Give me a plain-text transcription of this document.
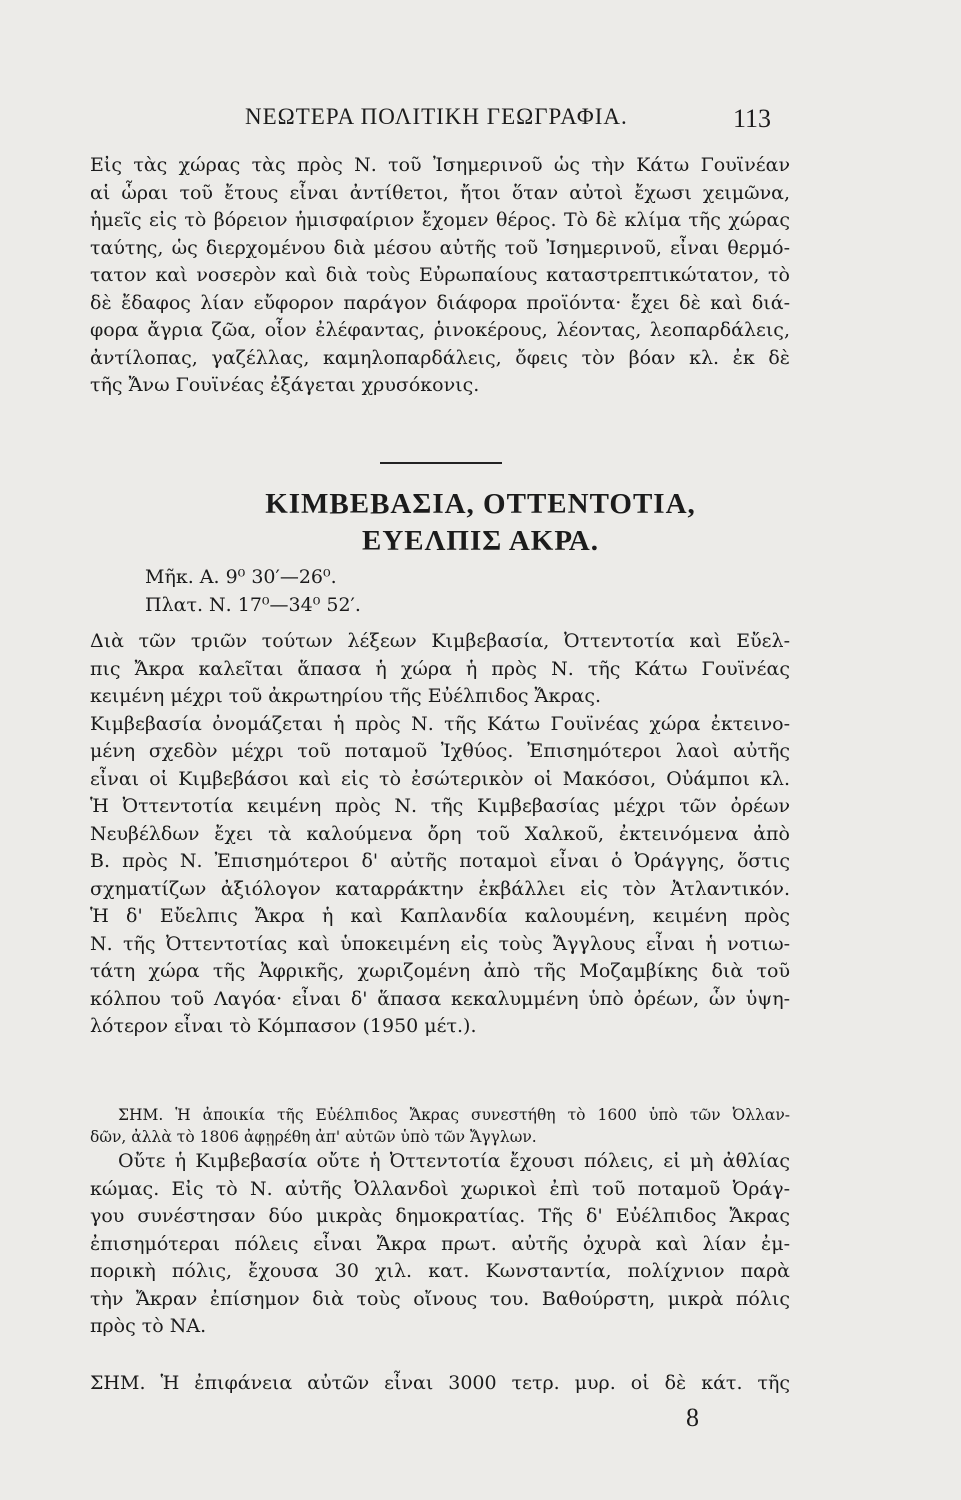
ΝΕΩΤΕΡΑ ΠΟΛΙΤΙΚΗ ΓΕΩΓΡΑΦΙΑ.	113

Εἰς τὰς χώρας τὰς πρὸς Ν. τοῦ Ἰσημερινοῦ ὡς τὴν Κάτω Γουϊνέαν
αἱ ὧραι τοῦ ἔτους εἶναι ἀντίθετοι, ἤτοι ὅταν αὐτοὶ ἔχωσι χειμῶνα,
ἡμεῖς εἰς τὸ βόρειον ἡμισφαίριον ἔχομεν θέρος. Τὸ δὲ κλίμα τῆς χώρας
ταύτης, ὡς διερχομένου διὰ μέσου αὐτῆς τοῦ Ἰσημερινοῦ, εἶναι θερμό-
τατον καὶ νοσερὸν καὶ διὰ τοὺς Εὐρωπαίους καταστρεπτικώτατον, τὸ
δὲ ἔδαφος λίαν εὔφορον παράγον διάφορα προϊόντα· ἔχει δὲ καὶ διά-
φορα ἄγρια ζῶα, οἷον ἐλέφαντας, ῥινοκέρους, λέοντας, λεοπαρδάλεις,
ἀντίλοπας, γαζέλλας, καμηλοπαρδάλεις, ὄφεις τὸν βόαν κλ. ἐκ δὲ
τῆς Ἄνω Γουϊνέας ἐξάγεται χρυσόκονις.

ΚΙΜΒΕΒΑΣΙΑ, ΟΤΤΕΝΤΟΤΙΑ,
ΕΥΕΛΠΙΣ ΑΚΡΑ.
Μῆκ. Α. 9⁰ 30′—26⁰.
Πλατ. Ν. 17⁰—34⁰ 52′.

Διὰ τῶν τριῶν τούτων λέξεων Κιμβεβασία, Ὀττεντοτία καὶ Εὔελ-
πις Ἄκρα καλεῖται ἅπασα ἡ χώρα ἡ πρὸς Ν. τῆς Κάτω Γουϊνέας
κειμένη μέχρι τοῦ ἀκρωτηρίου τῆς Εὐέλπιδος Ἄκρας.
Κιμβεβασία ὀνομάζεται ἡ πρὸς Ν. τῆς Κάτω Γουϊνέας χώρα ἐκτεινο-
μένη σχεδὸν μέχρι τοῦ ποταμοῦ Ἰχθύος. Ἐπισημότεροι λαοὶ αὐτῆς
εἶναι οἱ Κιμβεβάσοι καὶ εἰς τὸ ἐσώτερικὸν οἱ Μακόσοι, Οὐάμποι κλ.
Ἡ Ὀττεντοτία κειμένη πρὸς Ν. τῆς Κιμβεβασίας μέχρι τῶν ὀρέων
Νευβέλδων ἔχει τὰ καλούμενα ὄρη τοῦ Χαλκοῦ, ἐκτεινόμενα ἀπὸ
Β. πρὸς Ν. Ἐπισημότεροι δ' αὐτῆς ποταμοὶ εἶναι ὁ Ὀράγγης, ὅστις
σχηματίζων ἀξιόλογον καταρράκτην ἐκβάλλει εἰς τὸν Ἀτλαντικόν.
Ἡ δ' Εὔελπις Ἄκρα ἡ καὶ Καπλανδία καλουμένη, κειμένη πρὸς
Ν. τῆς Ὀττεντοτίας καὶ ὑποκειμένη εἰς τοὺς Ἄγγλους εἶναι ἡ νοτιω-
τάτη χώρα τῆς Ἀφρικῆς, χωριζομένη ἀπὸ τῆς Μοζαμβίκης διὰ τοῦ
κόλπου τοῦ Λαγόα· εἶναι δ' ἅπασα κεκαλυμμένη ὑπὸ ὀρέων, ὧν ὑψη-
λότερον εἶναι τὸ Κόμπασον (1950 μέτ.).

ΣΗΜ. Ἡ ἀποικία τῆς Εὐέλπιδος Ἄκρας συνεστήθη τὸ 1600 ὑπὸ τῶν Ὀλλαν-
δῶν, ἀλλὰ τὸ 1806 ἀφῃρέθη ἀπ' αὐτῶν ὑπὸ τῶν Ἄγγλων.

Οὔτε ἡ Κιμβεβασία οὔτε ἡ Ὀττεντοτία ἔχουσι πόλεις, εἰ μὴ ἀθλίας
κώμας. Εἰς τὸ Ν. αὐτῆς Ὀλλανδοὶ χωρικοὶ ἐπὶ τοῦ ποταμοῦ Ὀράγ-
γου συνέστησαν δύο μικρὰς δημοκρατίας. Τῆς δ' Εὐέλπιδος Ἄκρας
ἐπισημότεραι πόλεις εἶναι Ἄκρα πρωτ. αὐτῆς ὀχυρὰ καὶ λίαν ἐμ-
πορικὴ πόλις, ἔχουσα 30 χιλ. κατ. Κωνσταντία, πολίχνιον παρὰ
τὴν Ἄκραν ἐπίσημον διὰ τοὺς οἴνους του. Βαθούρστη, μικρὰ πόλις
πρὸς τὸ ΝΑ.

ΣΗΜ. Ἡ ἐπιφάνεια αὐτῶν εἶναι 3000 τετρ. μυρ. οἱ δὲ κάτ. τῆς

8
